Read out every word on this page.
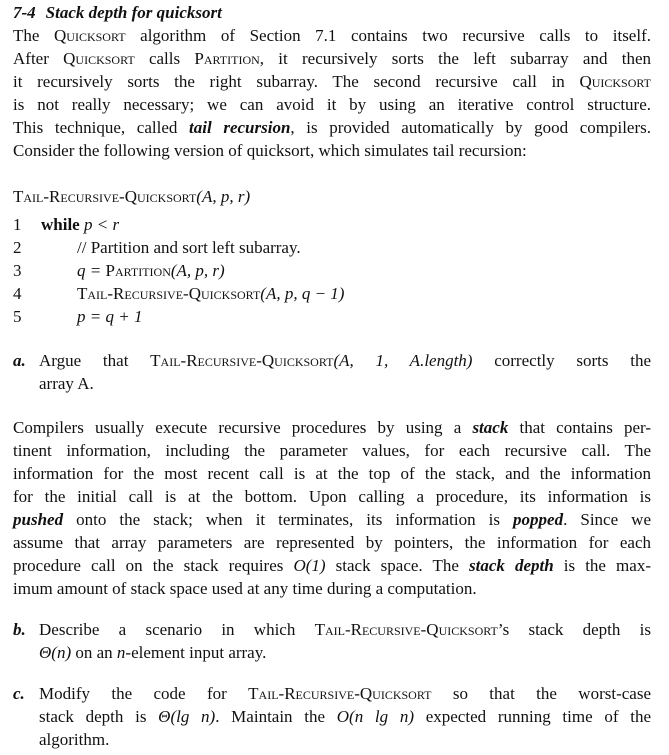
7-4 Stack depth for quicksort
The Quicksort algorithm of Section 7.1 contains two recursive calls to itself.
After Quicksort calls Partition, it recursively sorts the left subarray and then
it recursively sorts the right subarray. The second recursive call in Quicksort
is not really necessary; we can avoid it by using an iterative control structure.
This technique, called tail recursion, is provided automatically by good compilers.
Consider the following version of quicksort, which simulates tail recursion:
Tail-Recursive-Quicksort(A, p, r)
1	while p < r
2	// Partition and sort left subarray.
3	q = Partition(A, p, r)
4	Tail-Recursive-Quicksort(A, p, q − 1)
5	p = q + 1
a. Argue that Tail-Recursive-Quicksort(A, 1, A.length) correctly sorts the
array A.
Compilers usually execute recursive procedures by using a stack that contains per-
tinent information, including the parameter values, for each recursive call. The
information for the most recent call is at the top of the stack, and the information
for the initial call is at the bottom. Upon calling a procedure, its information is
pushed onto the stack; when it terminates, its information is popped. Since we
assume that array parameters are represented by pointers, the information for each
procedure call on the stack requires O(1) stack space. The stack depth is the max-
imum amount of stack space used at any time during a computation.
b. Describe a scenario in which Tail-Recursive-Quicksort’s stack depth is
Θ(n) on an n-element input array.
c. Modify the code for Tail-Recursive-Quicksort so that the worst-case
stack depth is Θ(lg n). Maintain the O(n lg n) expected running time of the
algorithm.
